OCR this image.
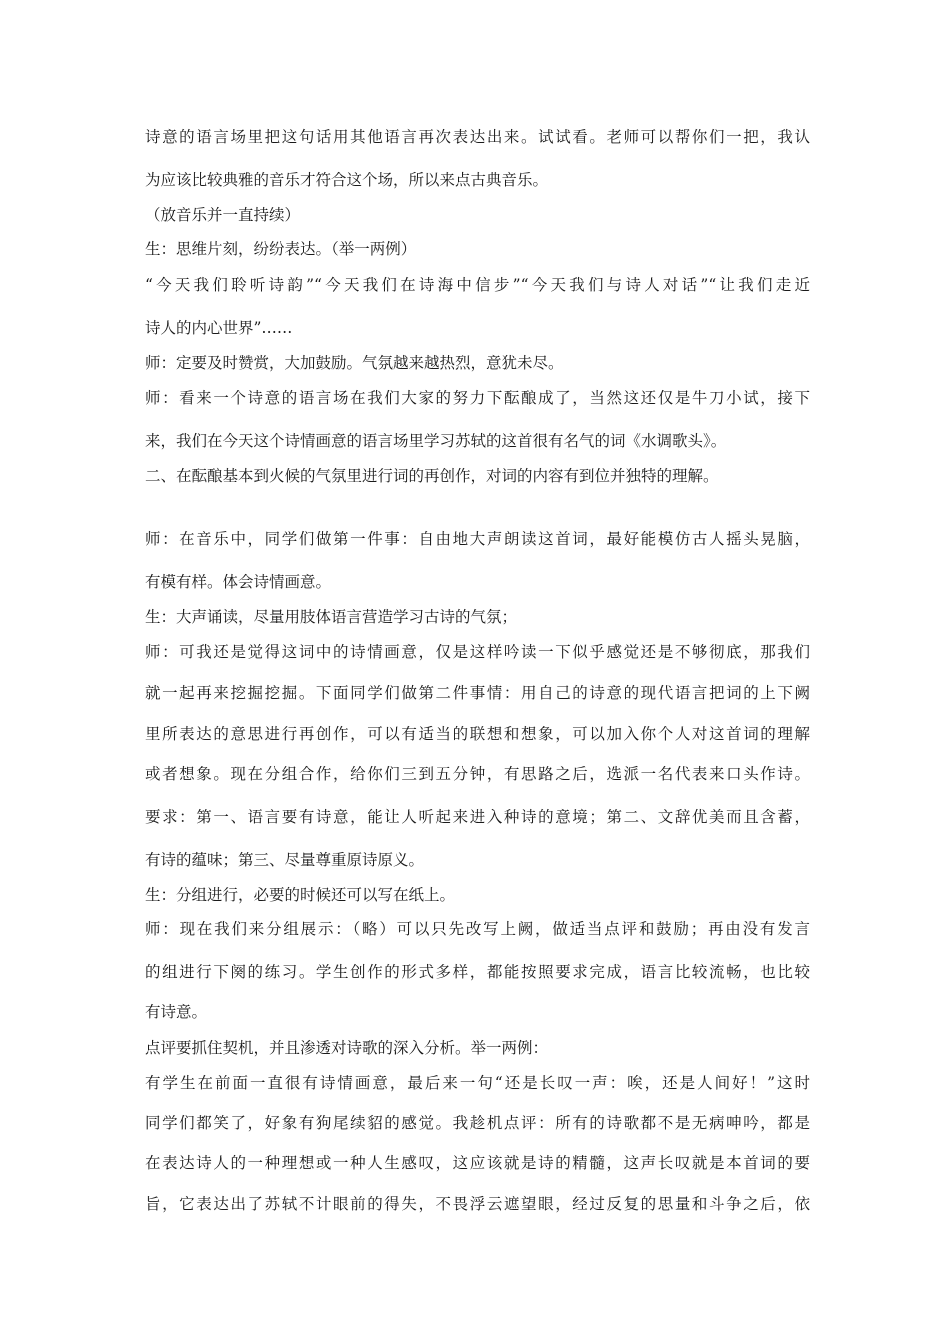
诗意的语言场里把这句话用其他语言再次表达出来。试试看。老师可以帮你们一把，我认
为应该比较典雅的音乐才符合这个场，所以来点古典音乐。
（放音乐并一直持续）
生：思维片刻，纷纷表达。（举一两例）
“今天我们聆听诗韵”“今天我们在诗海中信步”“今天我们与诗人对话”“让我们走近
诗人的内心世界”……
师：定要及时赞赏，大加鼓励。气氛越来越热烈，意犹未尽。
师：看来一个诗意的语言场在我们大家的努力下酝酿成了，当然这还仅是牛刀小试，接下
来，我们在今天这个诗情画意的语言场里学习苏轼的这首很有名气的词《水调歌头》。
二、在酝酿基本到火候的气氛里进行词的再创作，对词的内容有到位并独特的理解。
师：在音乐中，同学们做第一件事：自由地大声朗读这首词，最好能模仿古人摇头晃脑，
有模有样。体会诗情画意。
生：大声诵读，尽量用肢体语言营造学习古诗的气氛；
师：可我还是觉得这词中的诗情画意，仅是这样吟读一下似乎感觉还是不够彻底，那我们
就一起再来挖掘挖掘。下面同学们做第二件事情：用自己的诗意的现代语言把词的上下阙
里所表达的意思进行再创作，可以有适当的联想和想象，可以加入你个人对这首词的理解
或者想象。现在分组合作，给你们三到五分钟，有思路之后，选派一名代表来口头作诗。
要求：第一、语言要有诗意，能让人听起来进入种诗的意境；第二、文辞优美而且含蓄，
有诗的蕴味；第三、尽量尊重原诗原义。
生：分组进行，必要的时候还可以写在纸上。
师：现在我们来分组展示：（略）可以只先改写上阙，做适当点评和鼓励；再由没有发言
的组进行下阕的练习。学生创作的形式多样，都能按照要求完成，语言比较流畅，也比较
有诗意。
点评要抓住契机，并且渗透对诗歌的深入分析。举一两例：
有学生在前面一直很有诗情画意，最后来一句“还是长叹一声：唉，还是人间好！”这时
同学们都笑了，好象有狗尾续貂的感觉。我趁机点评：所有的诗歌都不是无病呻吟，都是
在表达诗人的一种理想或一种人生感叹，这应该就是诗的精髓，这声长叹就是本首词的要
旨，它表达出了苏轼不计眼前的得失，不畏浮云遮望眼，经过反复的思量和斗争之后，依
